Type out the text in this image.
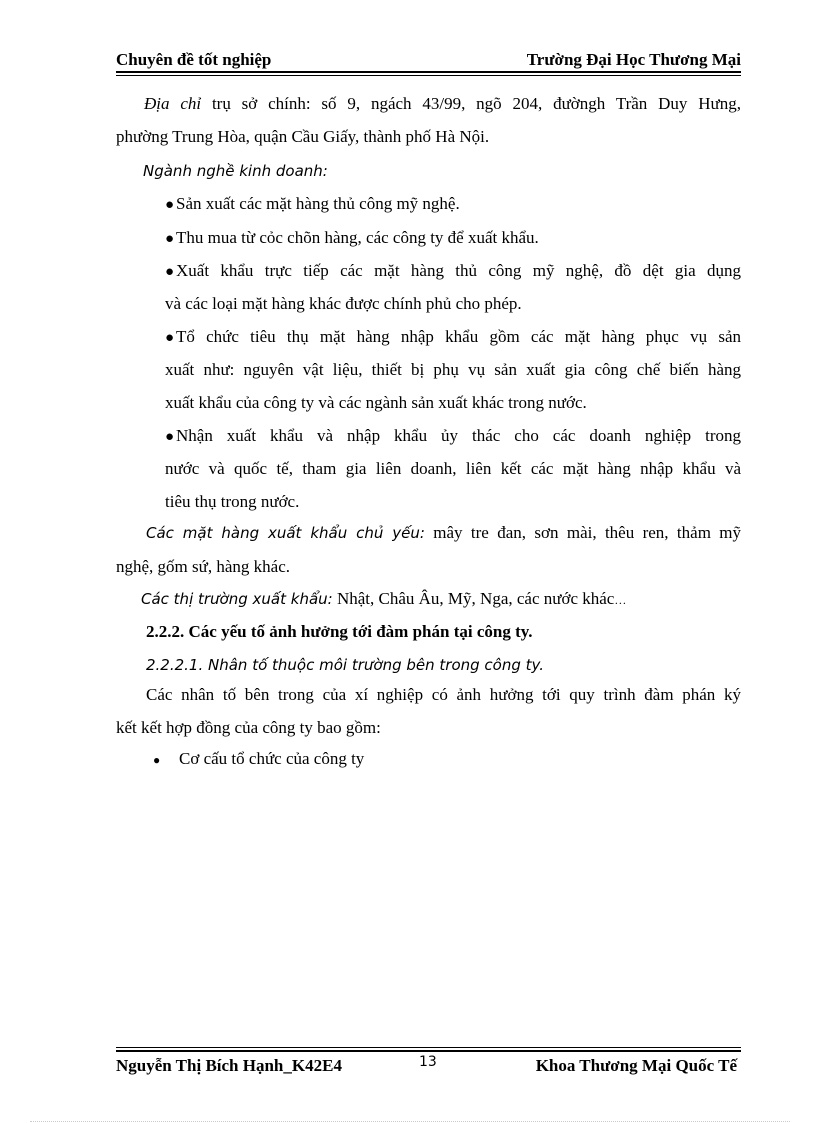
Chuyên đề tốt nghiệp	Trường Đại Học Thương Mại
Địa chỉ trụ sở chính: số 9, ngách 43/99, ngõ 204, đườngh Trần Duy Hưng,
phường Trung Hòa, quận Cầu Giấy, thành phố Hà Nội.
Ngành nghề kinh doanh:
● Sản xuất các mặt hàng thủ công mỹ nghệ.
● Thu mua từ cỏc chõn hàng, các công ty để xuất khẩu.
● Xuất khẩu trực tiếp các mặt hàng thủ công mỹ nghệ, đồ dệt gia dụng
và các loại mặt hàng khác được chính phủ cho phép.
● Tổ chức tiêu thụ mặt hàng nhập khẩu gồm các mặt hàng phục vụ sản
xuất như: nguyên vật liệu, thiết bị phụ vụ sản xuất gia công chế biến hàng
xuất khẩu của công ty và các ngành sản xuất khác trong nước.
● Nhận xuất khẩu và nhập khẩu ủy thác cho các doanh nghiệp trong
nước và quốc tế, tham gia liên doanh, liên kết các mặt hàng nhập khẩu và
tiêu thụ trong nước.
Các mặt hàng xuất khẩu chủ yếu: mây tre đan, sơn mài, thêu ren, thảm mỹ
nghệ, gốm sứ, hàng khác.
Các thị trường xuất khẩu: Nhật, Châu Âu, Mỹ, Nga, các nước khác…
2.2.2. Các yếu tố ảnh hưởng tới đàm phán tại công ty.
2.2.2.1. Nhân tố thuộc môi trường bên trong công ty.
Các nhân tố bên trong của xí nghiệp có ảnh hưởng tới quy trình đàm phán ký
kết kết hợp đồng của công ty bao gồm:
● Cơ cấu tổ chức của công ty
Nguyễn Thị Bích Hạnh_K42E4	13	Khoa Thương Mại Quốc Tế
